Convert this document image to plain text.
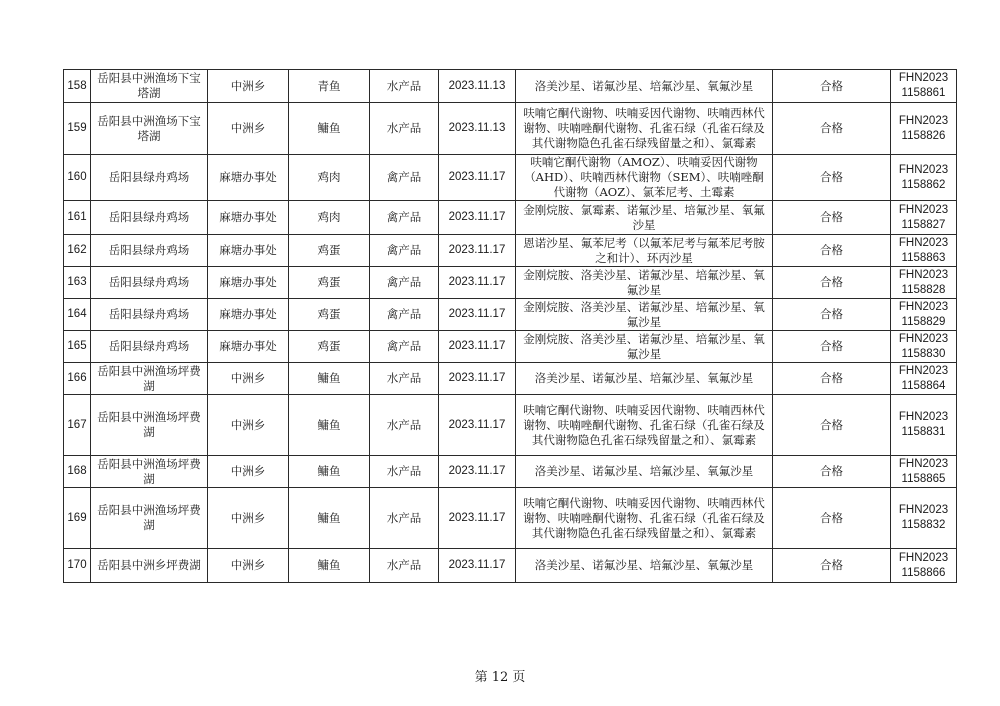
158	岳阳县中洲渔场下宝塔湖	中洲乡	青鱼	水产品	2023.11.13	洛美沙星、诺氟沙星、培氟沙星、氧氟沙星	合格	FHN2023 1158861
159	岳阳县中洲渔场下宝塔湖	中洲乡	鳙鱼	水产品	2023.11.13	呋喃它酮代谢物、呋喃妥因代谢物、呋喃西林代谢物、呋喃唑酮代谢物、孔雀石绿（孔雀石绿及其代谢物隐色孔雀石绿残留量之和）、氯霉素	合格	FHN2023 1158826
160	岳阳县绿舟鸡场	麻塘办事处	鸡肉	禽产品	2023.11.17	呋喃它酮代谢物（AMOZ）、呋喃妥因代谢物（AHD）、呋喃西林代谢物（SEM）、呋喃唑酮代谢物（AOZ）、氯苯尼考、土霉素	合格	FHN2023 1158862
161	岳阳县绿舟鸡场	麻塘办事处	鸡肉	禽产品	2023.11.17	金刚烷胺、氯霉素、诺氟沙星、培氟沙星、氧氟沙星	合格	FHN2023 1158827
162	岳阳县绿舟鸡场	麻塘办事处	鸡蛋	禽产品	2023.11.17	恩诺沙星、氟苯尼考（以氟苯尼考与氟苯尼考胺之和计）、环丙沙星	合格	FHN2023 1158863
163	岳阳县绿舟鸡场	麻塘办事处	鸡蛋	禽产品	2023.11.17	金刚烷胺、洛美沙星、诺氟沙星、培氟沙星、氧氟沙星	合格	FHN2023 1158828
164	岳阳县绿舟鸡场	麻塘办事处	鸡蛋	禽产品	2023.11.17	金刚烷胺、洛美沙星、诺氟沙星、培氟沙星、氧氟沙星	合格	FHN2023 1158829
165	岳阳县绿舟鸡场	麻塘办事处	鸡蛋	禽产品	2023.11.17	金刚烷胺、洛美沙星、诺氟沙星、培氟沙星、氧氟沙星	合格	FHN2023 1158830
166	岳阳县中洲渔场坪费湖	中洲乡	鳙鱼	水产品	2023.11.17	洛美沙星、诺氟沙星、培氟沙星、氧氟沙星	合格	FHN2023 1158864
167	岳阳县中洲渔场坪费湖	中洲乡	鳙鱼	水产品	2023.11.17	呋喃它酮代谢物、呋喃妥因代谢物、呋喃西林代谢物、呋喃唑酮代谢物、孔雀石绿（孔雀石绿及其代谢物隐色孔雀石绿残留量之和）、氯霉素	合格	FHN2023 1158831
168	岳阳县中洲渔场坪费湖	中洲乡	鳙鱼	水产品	2023.11.17	洛美沙星、诺氟沙星、培氟沙星、氧氟沙星	合格	FHN2023 1158865
169	岳阳县中洲渔场坪费湖	中洲乡	鳙鱼	水产品	2023.11.17	呋喃它酮代谢物、呋喃妥因代谢物、呋喃西林代谢物、呋喃唑酮代谢物、孔雀石绿（孔雀石绿及其代谢物隐色孔雀石绿残留量之和）、氯霉素	合格	FHN2023 1158832
170	岳阳县中洲乡坪费湖	中洲乡	鳙鱼	水产品	2023.11.17	洛美沙星、诺氟沙星、培氟沙星、氧氟沙星	合格	FHN2023 1158866
第 12 页
